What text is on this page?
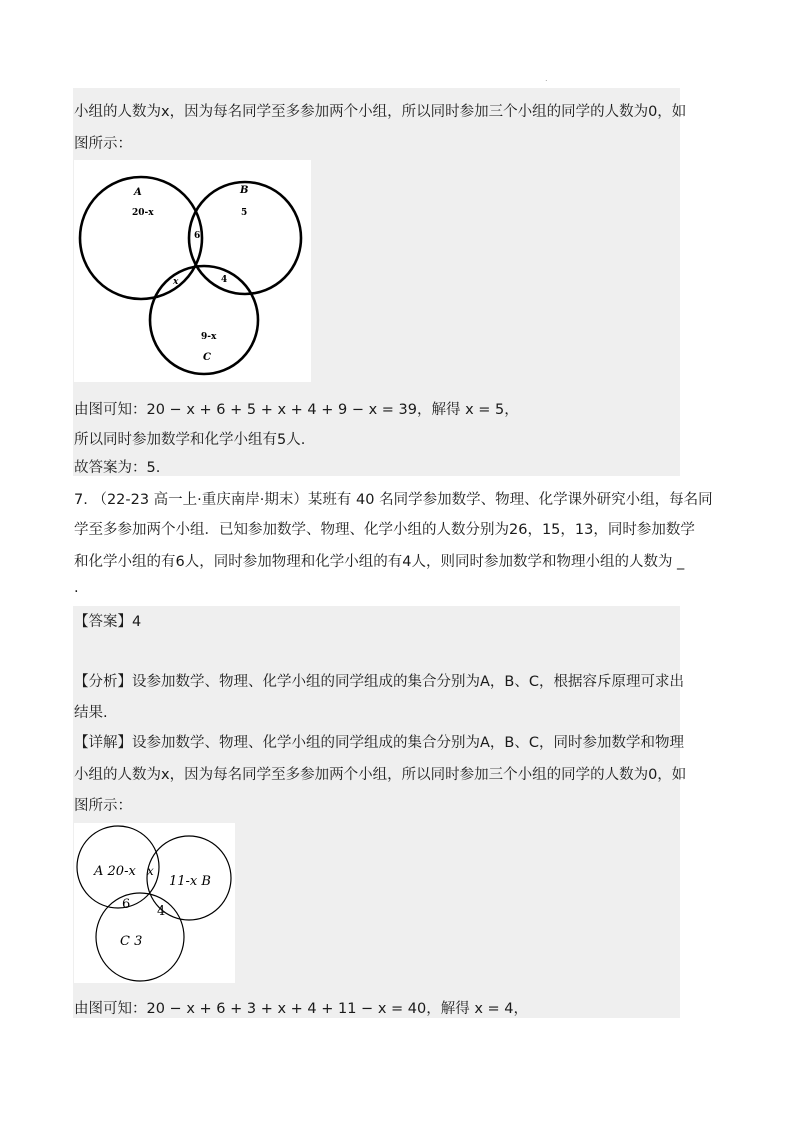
.
小组的人数为x，因为每名同学至多参加两个小组，所以同时参加三个小组的同学的人数为0，如
图所示：
A
20-x
B
5
6
x	4
9-x
C
由图可知：20 − x + 6 + 5 + x + 4 + 9 − x = 39，解得 x = 5，
所以同时参加数学和化学小组有5人.
故答案为：5.
7. （22-23 高一上·重庆南岸·期末）某班有 40 名同学参加数学、物理、化学课外研究小组，每名同
学至多参加两个小组．已知参加数学、物理、化学小组的人数分别为26，15，13，同时参加数学
和化学小组的有6人，同时参加物理和化学小组的有4人，则同时参加数学和物理小组的人数为 _
.
【答案】4
【分析】设参加数学、物理、化学小组的同学组成的集合分别为A，B、C，根据容斥原理可求出
结果.
【详解】设参加数学、物理、化学小组的同学组成的集合分别为A，B、C，同时参加数学和物理
小组的人数为x，因为每名同学至多参加两个小组，所以同时参加三个小组的同学的人数为0，如
图所示：
A 20-x x
11-x B
6 4
C 3
由图可知：20 − x + 6 + 3 + x + 4 + 11 − x = 40，解得 x = 4，
